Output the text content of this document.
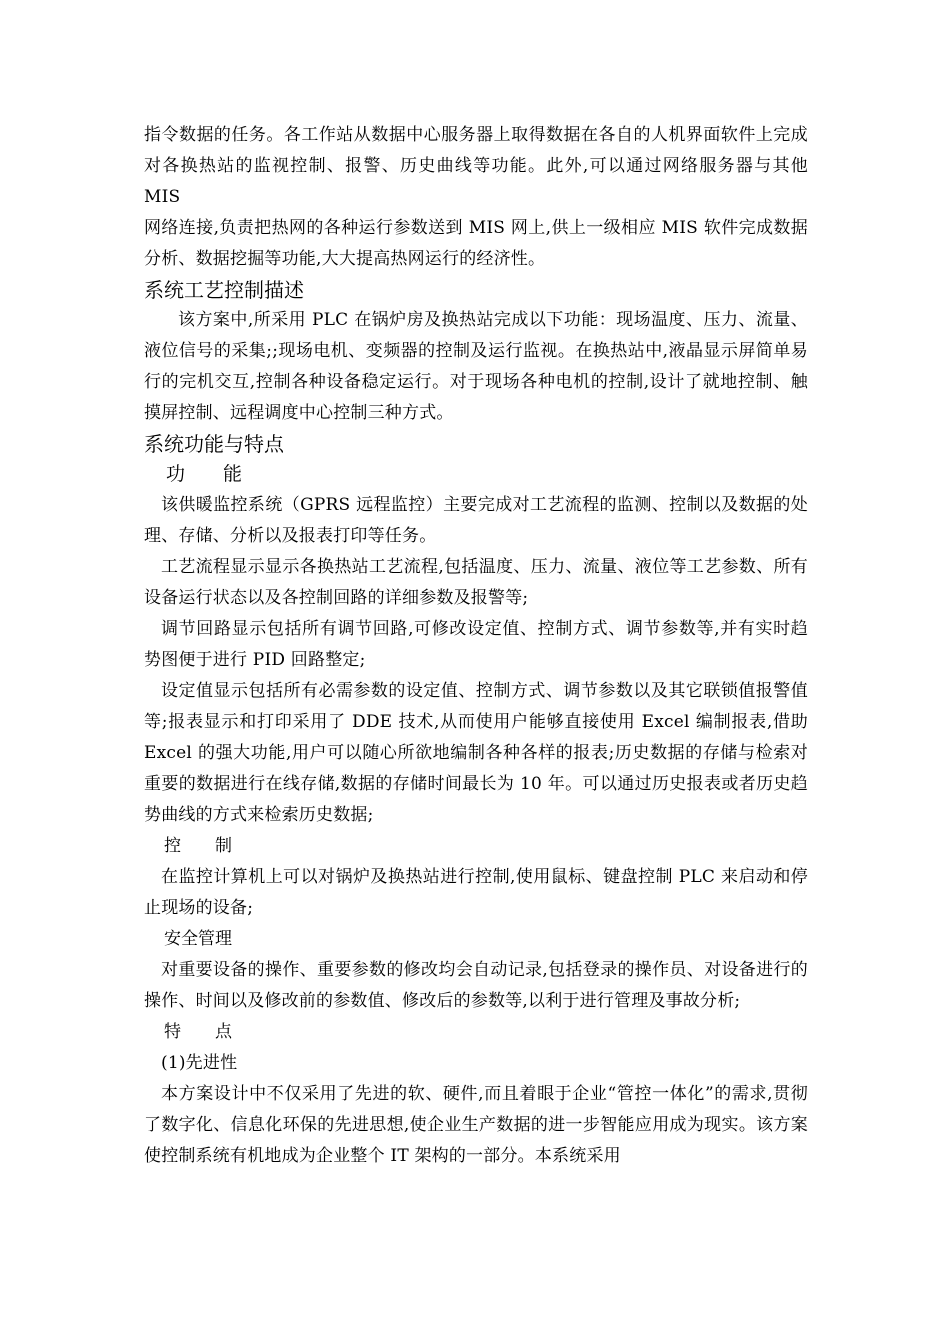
指令数据的任务。各工作站从数据中心服务器上取得数据在各自的人机界面软件上完成对各换热站的监视控制、报警、历史曲线等功能。此外,可以通过网络服务器与其他 MIS

网络连接,负责把热网的各种运行参数送到 MIS 网上,供上一级相应 MIS 软件完成数据分析、数据挖掘等功能,大大提高热网运行的经济性。

系统工艺控制描述

该方案中,所采用 PLC 在锅炉房及换热站完成以下功能：现场温度、压力、流量、液位信号的采集;;现场电机、变频器的控制及运行监视。在换热站中,液晶显示屏简单易行的完机交互,控制各种设备稳定运行。对于现场各种电机的控制,设计了就地控制、触摸屏控制、远程调度中心控制三种方式。

系统功能与特点
功　　能

该供暖监控系统（GPRS 远程监控）主要完成对工艺流程的监测、控制以及数据的处理、存储、分析以及报表打印等任务。

工艺流程显示显示各换热站工艺流程,包括温度、压力、流量、液位等工艺参数、所有设备运行状态以及各控制回路的详细参数及报警等;

调节回路显示包括所有调节回路,可修改设定值、控制方式、调节参数等,并有实时趋势图便于进行 PID 回路整定;

设定值显示包括所有必需参数的设定值、控制方式、调节参数以及其它联锁值报警值等;报表显示和打印采用了 DDE 技术,从而使用户能够直接使用 Excel 编制报表,借助 Excel 的强大功能,用户可以随心所欲地编制各种各样的报表;历史数据的存储与检索对重要的数据进行在线存储,数据的存储时间最长为 10 年。可以通过历史报表或者历史趋势曲线的方式来检索历史数据;

控　　制

在监控计算机上可以对锅炉及换热站进行控制,使用鼠标、键盘控制 PLC 来启动和停止现场的设备;

安全管理

对重要设备的操作、重要参数的修改均会自动记录,包括登录的操作员、对设备进行的操作、时间以及修改前的参数值、修改后的参数等,以利于进行管理及事故分析;

特　　点

(1)先进性

本方案设计中不仅采用了先进的软、硬件,而且着眼于企业“管控一体化”的需求,贯彻了数字化、信息化环保的先进思想,使企业生产数据的进一步智能应用成为现实。该方案使控制系统有机地成为企业整个 IT 架构的一部分。本系统采用
